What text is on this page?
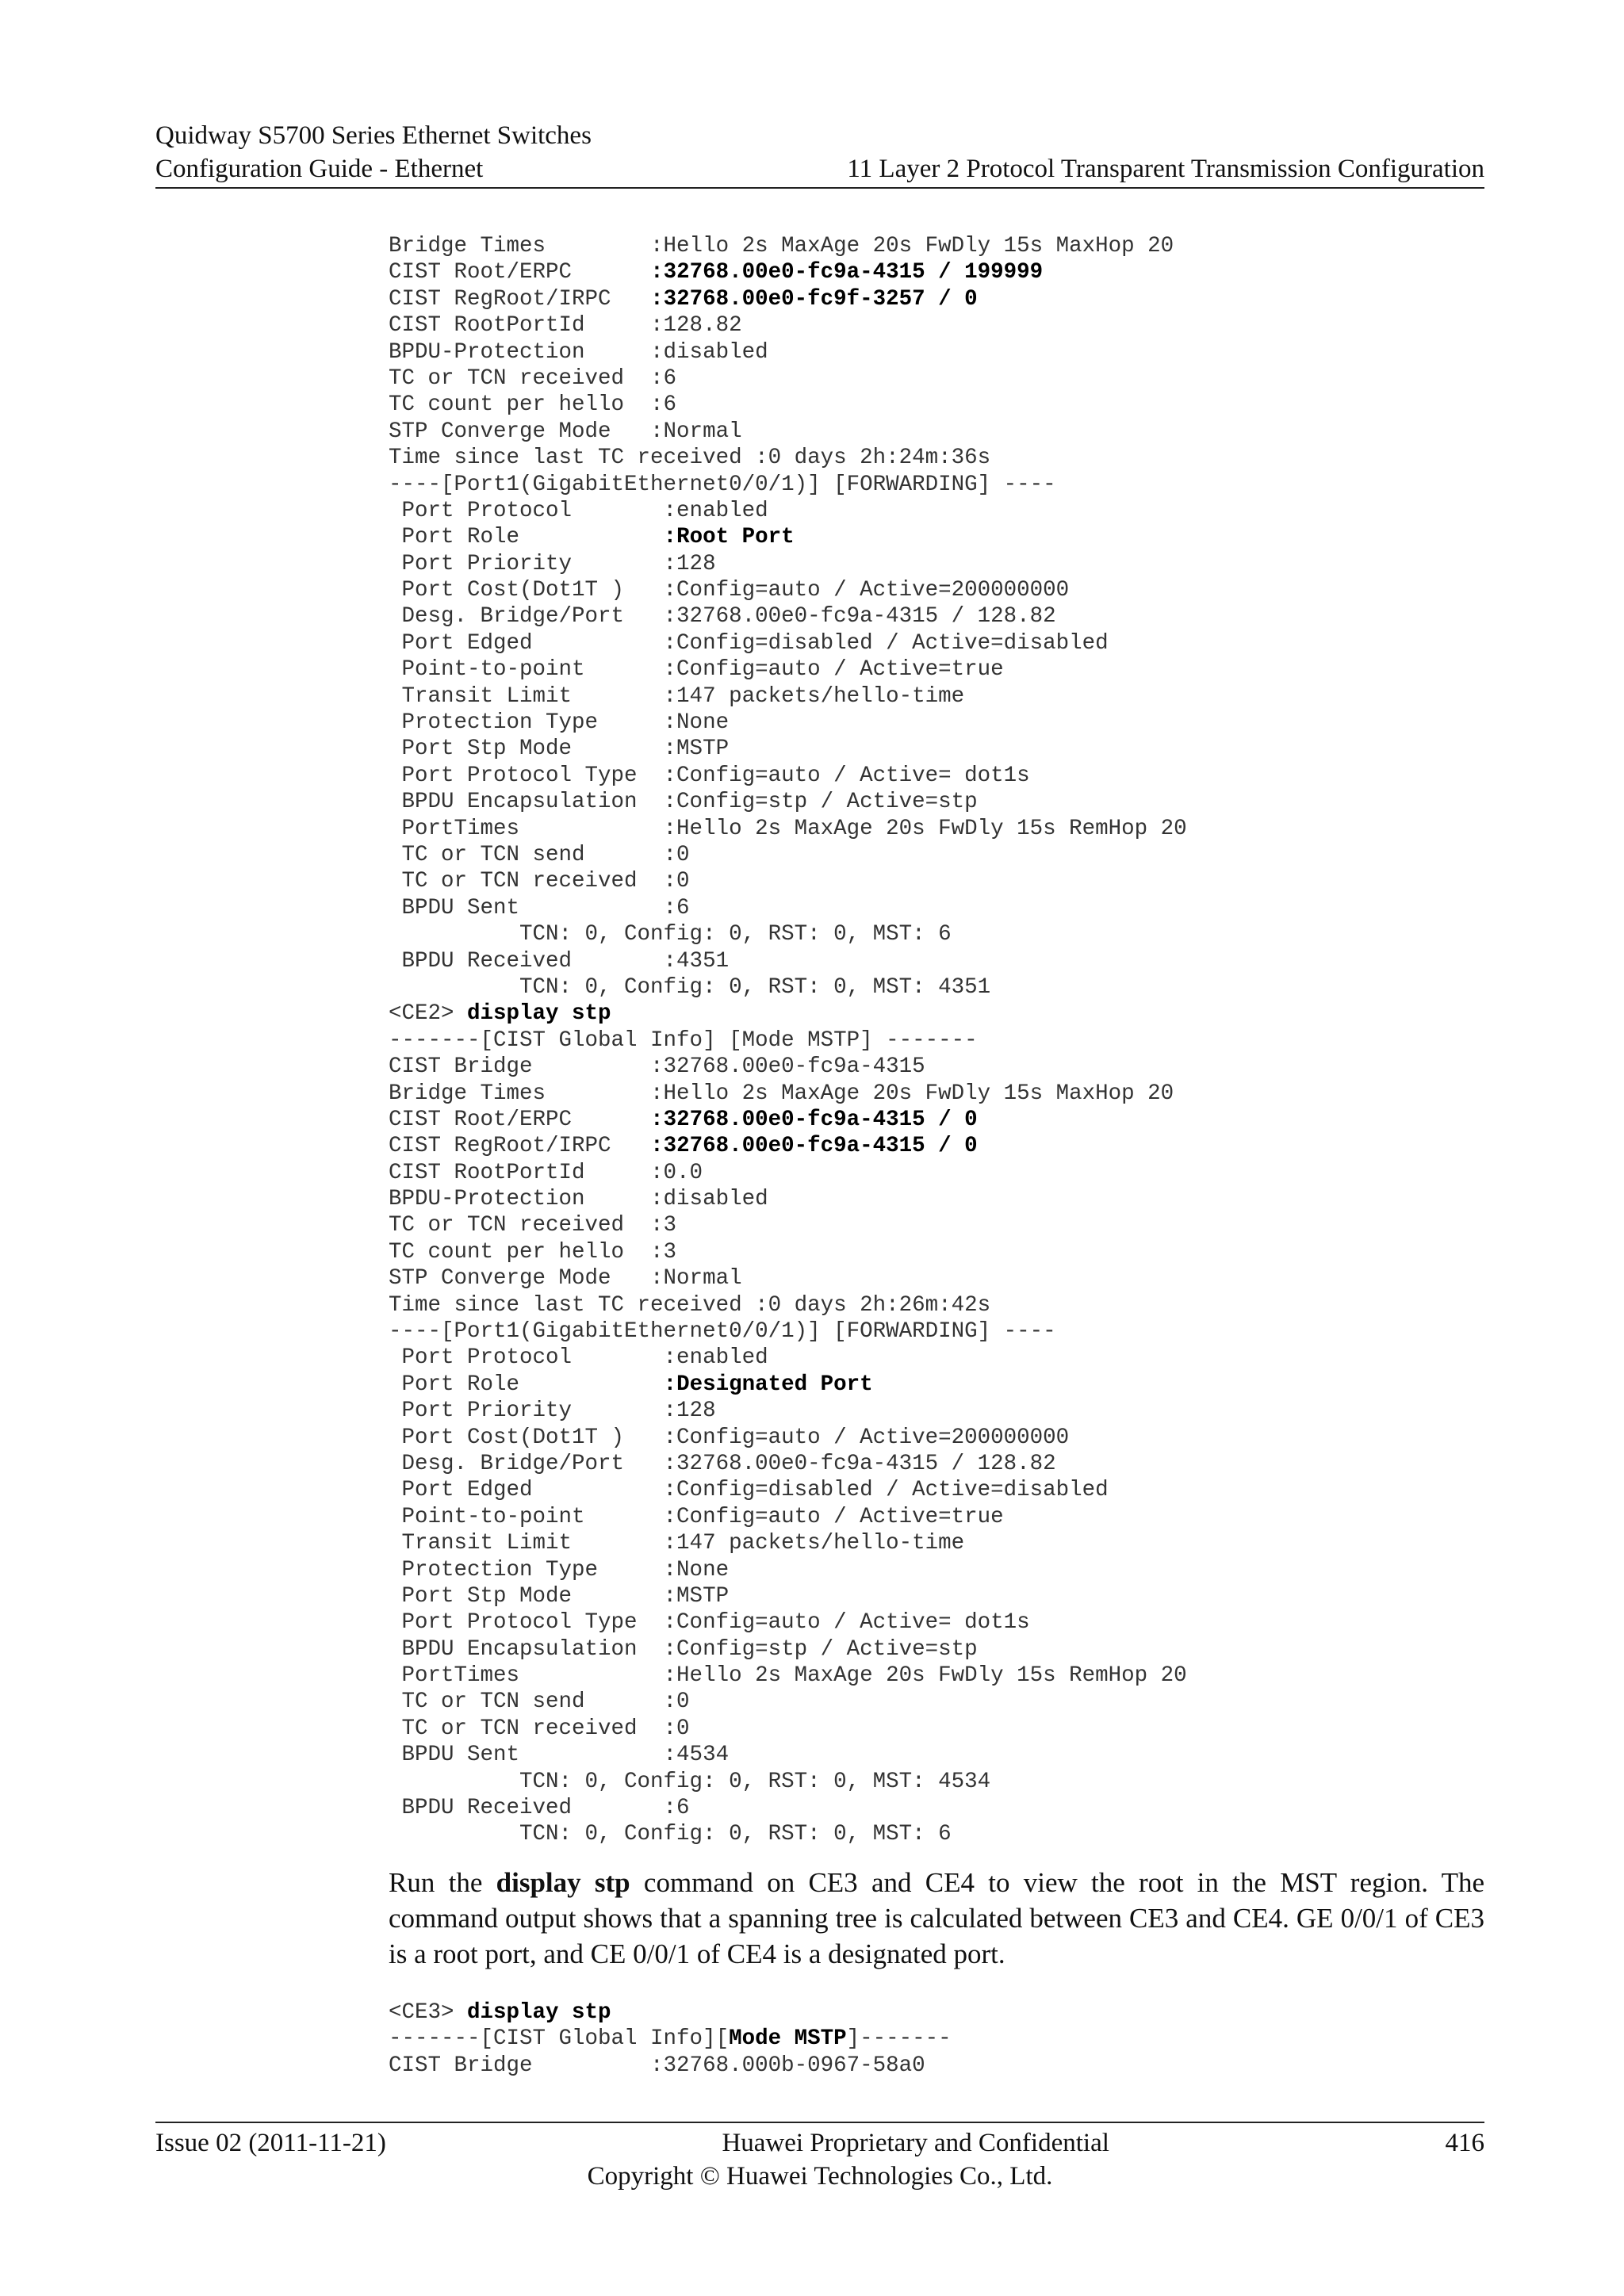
Quidway S5700 Series Ethernet Switches
Configuration Guide - Ethernet	11 Layer 2 Protocol Transparent Transmission Configuration
Bridge Times        :Hello 2s MaxAge 20s FwDly 15s MaxHop 20
CIST Root/ERPC      :32768.00e0-fc9a-4315 / 199999
CIST RegRoot/IRPC   :32768.00e0-fc9f-3257 / 0
CIST RootPortId     :128.82
BPDU-Protection     :disabled
TC or TCN received  :6
TC count per hello  :6
STP Converge Mode   :Normal
Time since last TC received :0 days 2h:24m:36s
----[Port1(GigabitEthernet0/0/1)] [FORWARDING] ----
Port Protocol       :enabled
Port Role           :Root Port
Port Priority       :128
Port Cost(Dot1T )   :Config=auto / Active=200000000
Desg. Bridge/Port   :32768.00e0-fc9a-4315 / 128.82
Port Edged          :Config=disabled / Active=disabled
Point-to-point      :Config=auto / Active=true
Transit Limit       :147 packets/hello-time
Protection Type     :None
Port Stp Mode       :MSTP
Port Protocol Type  :Config=auto / Active= dot1s
BPDU Encapsulation  :Config=stp / Active=stp
PortTimes           :Hello 2s MaxAge 20s FwDly 15s RemHop 20
TC or TCN send      :0
TC or TCN received  :0
BPDU Sent           :6
TCN: 0, Config: 0, RST: 0, MST: 6
BPDU Received       :4351
TCN: 0, Config: 0, RST: 0, MST: 4351
<CE2> display stp
-------[CIST Global Info] [Mode MSTP] -------
CIST Bridge         :32768.00e0-fc9a-4315
Bridge Times        :Hello 2s MaxAge 20s FwDly 15s MaxHop 20
CIST Root/ERPC      :32768.00e0-fc9a-4315 / 0
CIST RegRoot/IRPC   :32768.00e0-fc9a-4315 / 0
CIST RootPortId     :0.0
BPDU-Protection     :disabled
TC or TCN received  :3
TC count per hello  :3
STP Converge Mode   :Normal
Time since last TC received :0 days 2h:26m:42s
----[Port1(GigabitEthernet0/0/1)] [FORWARDING] ----
Port Protocol       :enabled
Port Role           :Designated Port
Port Priority       :128
Port Cost(Dot1T )   :Config=auto / Active=200000000
Desg. Bridge/Port   :32768.00e0-fc9a-4315 / 128.82
Port Edged          :Config=disabled / Active=disabled
Point-to-point      :Config=auto / Active=true
Transit Limit       :147 packets/hello-time
Protection Type     :None
Port Stp Mode       :MSTP
Port Protocol Type  :Config=auto / Active= dot1s
BPDU Encapsulation  :Config=stp / Active=stp
PortTimes           :Hello 2s MaxAge 20s FwDly 15s RemHop 20
TC or TCN send      :0
TC or TCN received  :0
BPDU Sent           :4534
TCN: 0, Config: 0, RST: 0, MST: 4534
BPDU Received       :6
TCN: 0, Config: 0, RST: 0, MST: 6
Run the display stp command on CE3 and CE4 to view the root in the MST region. The command output shows that a spanning tree is calculated between CE3 and CE4. GE 0/0/1 of CE3 is a root port, and CE 0/0/1 of CE4 is a designated port.
<CE3> display stp
-------[CIST Global Info][Mode MSTP]-------
CIST Bridge         :32768.000b-0967-58a0
Issue 02 (2011-11-21)	Huawei Proprietary and Confidential	416
Copyright © Huawei Technologies Co., Ltd.
